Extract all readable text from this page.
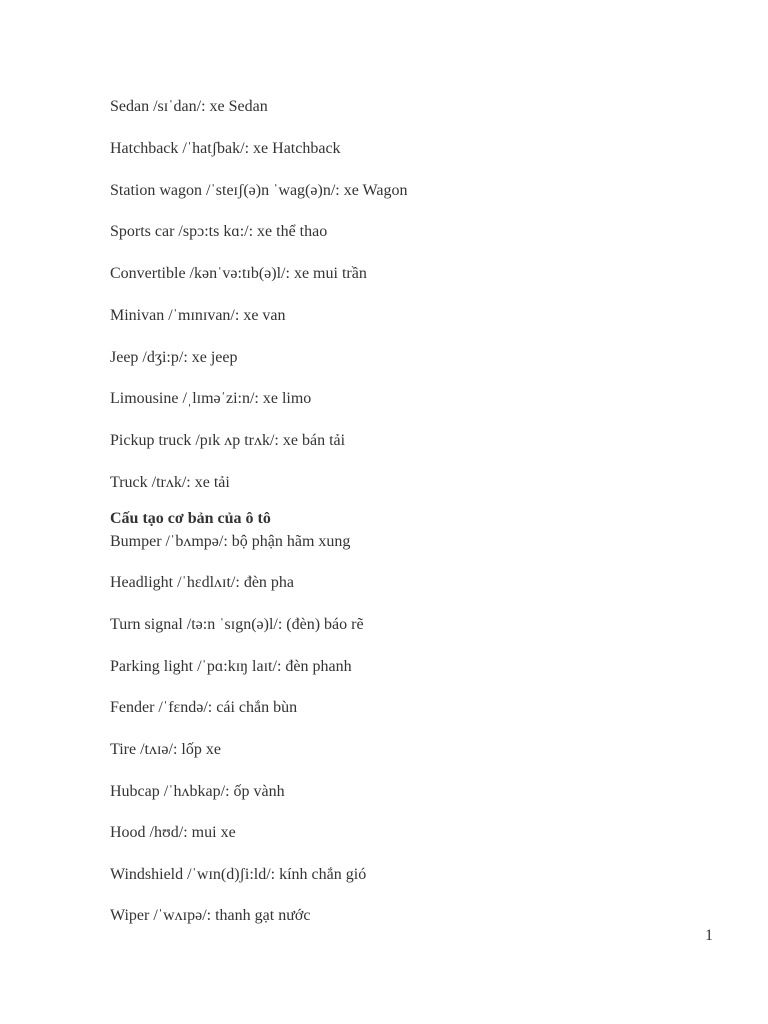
Sedan /sɪˈdan/: xe Sedan
Hatchback /ˈhatʃbak/: xe Hatchback
Station wagon /ˈsteɪʃ(ə)n ˈwag(ə)n/: xe Wagon
Sports car /spɔ:ts kɑ:/: xe thể thao
Convertible /kənˈvə:tɪb(ə)l/: xe mui trần
Minivan /ˈmɪnɪvan/: xe van
Jeep /dʒi:p/: xe jeep
Limousine /ˌlɪməˈzi:n/: xe limo
Pickup truck /pɪk ʌp trʌk/: xe bán tải
Truck /trʌk/: xe tải
Cấu tạo cơ bản của ô tô
Bumper /ˈbʌmpə/: bộ phận hãm xung
Headlight /ˈhɛdlʌɪt/: đèn pha
Turn signal /tə:n ˈsɪgn(ə)l/: (đèn) báo rẽ
Parking light /ˈpɑ:kɪŋ laɪt/: đèn phanh
Fender /ˈfɛndə/: cái chắn bùn
Tire /tʌɪə/: lốp xe
Hubcap /ˈhʌbkap/: ốp vành
Hood /hʊd/: mui xe
Windshield /ˈwɪn(d)ʃi:ld/: kính chắn gió
Wiper /ˈwʌɪpə/: thanh gạt nước
1
